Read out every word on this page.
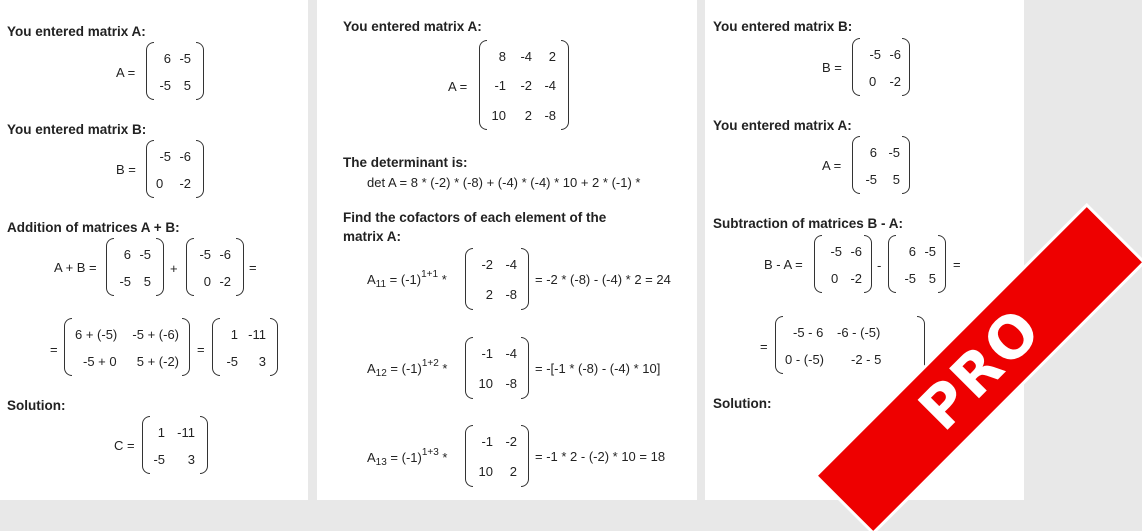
You entered matrix A:
A =
6 -5
-5 5
You entered matrix B:
B =
-5 -6
0	-2
Addition of matrices A + B:
A + B =
6 -5
-5 5
+
-5 -6
0 -2
=
=
6 + (-5) -5 + (-6)
-5 + 0 5 + (-2)
=
1 -11
-5 3
Solution:
C =
1 -11
-5 3
You entered matrix A:
A =
8 -4 2
-1 -2 -4
10 2 -8
The determinant is:
det A = 8 * (-2) * (-8) + (-4) * (-4) * 10 + 2 * (-1) *
Find the cofactors of each element of the
matrix A:
$A_{11} = (-1)^{1+1}$ *
-2 -4
2 -8
= -2 * (-8) - (-4) * 2 = 24
$A_{12} = (-1)^{1+2}$ *
-1 -4
10 -8
= -[-1 * (-8) - (-4) * 10]
$A_{13} = (-1)^{1+3}$ *
-1 -2
10 2
= -1 * 2 - (-2) * 10 = 18
You entered matrix B:
B =
-5 -6
0 -2
You entered matrix A:
A =
6 -5
-5 5
Subtraction of matrices B - A:
B - A =
-5 -6
0 -2
-
6 -5
-5 5
=
=
-5 - 6 -6 - (-5)
0 - (-5) -2 - 5
Solution:	PRO
